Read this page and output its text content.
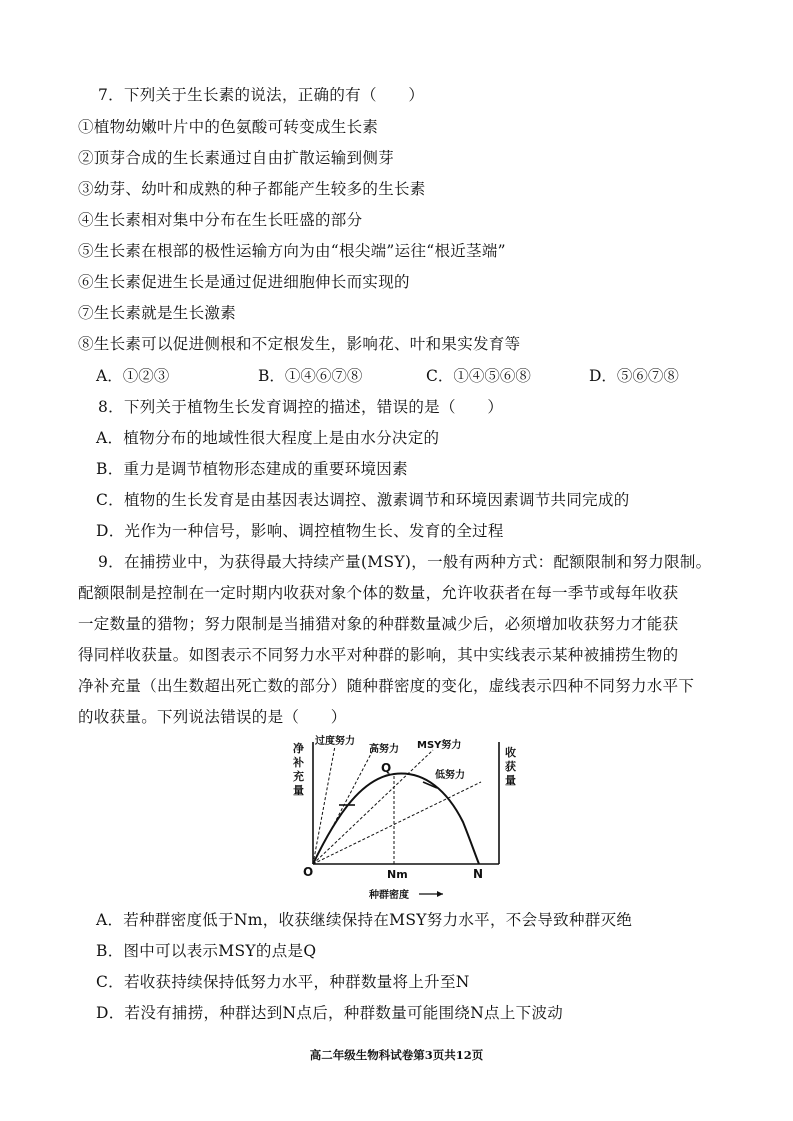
7．下列关于生长素的说法，正确的有（　　）
①植物幼嫩叶片中的色氨酸可转变成生长素
②顶芽合成的生长素通过自由扩散运输到侧芽
③幼芽、幼叶和成熟的种子都能产生较多的生长素
④生长素相对集中分布在生长旺盛的部分
⑤生长素在根部的极性运输方向为由“根尖端”运往“根近茎端”
⑥生长素促进生长是通过促进细胞伸长而实现的
⑦生长素就是生长激素
⑧生长素可以促进侧根和不定根发生，影响花、叶和果实发育等
A．①②③	B．①④⑥⑦⑧	C．①④⑤⑥⑧	D．⑤⑥⑦⑧
8．下列关于植物生长发育调控的描述，错误的是（　　）
A．植物分布的地域性很大程度上是由水分决定的
B．重力是调节植物形态建成的重要环境因素
C．植物的生长发育是由基因表达调控、激素调节和环境因素调节共同完成的
D．光作为一种信号，影响、调控植物生长、发育的全过程
9．在捕捞业中，为获得最大持续产量(MSY)，一般有两种方式：配额限制和努力限制。
配额限制是控制在一定时期内收获对象个体的数量，允许收获者在每一季节或每年收获
一定数量的猎物；努力限制是当捕猎对象的种群数量减少后，必须增加收获努力才能获
得同样收获量。如图表示不同努力水平对种群的影响，其中实线表示某种被捕捞生物的
净补充量（出生数超出死亡数的部分）随种群密度的变化，虚线表示四种不同努力水平下
的收获量。下列说法错误的是（　　）
净
补
充
量
收
获
量
过度努力
高努力 MSY努力
低努力
Q
O	Nm	N
种群密度
A．若种群密度低于Nm，收获继续保持在MSY努力水平，不会导致种群灭绝
B．图中可以表示MSY的点是Q
C．若收获持续保持低努力水平，种群数量将上升至N
D．若没有捕捞，种群达到N点后，种群数量可能围绕N点上下波动
高二年级生物科试卷第3页共12页
